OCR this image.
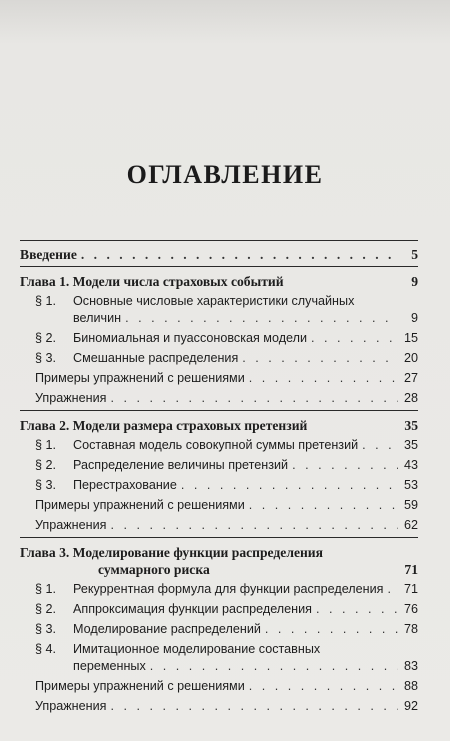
ОГЛАВЛЕНИЕ
Введение . . .	5
Глава 1. Модели числа страховых событий	9
§ 1. Основные числовые характеристики случайных
величин . . .	9
§ 2. Биномиальная и пуассоновская модели . . .	15
§ 3. Смешанные распределения . . .	20
Примеры упражнений с решениями . . .	27
Упражнения . . .	28
Глава 2. Модели размера страховых претензий	35
§ 1. Составная модель совокупной суммы претензий . . .	35
§ 2. Распределение величины претензий . . .	43
§ 3. Перестрахование . . .	53
Примеры упражнений с решениями . . .	59
Упражнения . . .	62
Глава 3. Моделирование функции распределения
суммарного риска	71
§ 1. Рекуррентная формула для функции распределения . . . 71
§ 2. Аппроксимация функции распределения . . .	76
§ 3. Моделирование распределений . . .	78
§ 4. Имитационное моделирование составных
переменных . . .	83
Примеры упражнений с решениями . . .	88
Упражнения . . .	92
